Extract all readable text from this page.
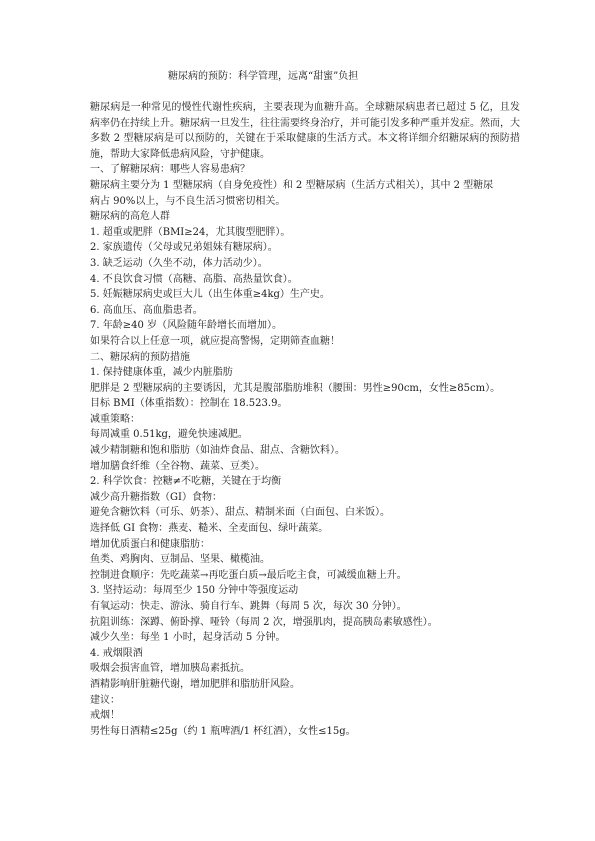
糖尿病的预防：科学管理，远离“甜蜜”负担

糖尿病是一种常见的慢性代谢性疾病，主要表现为血糖升高。全球糖尿病患者已超过 5 亿，且发病率仍在持续上升。糖尿病一旦发生，往往需要终身治疗，并可能引发多种严重并发症。然而，大多数 2 型糖尿病是可以预防的，关键在于采取健康的生活方式。本文将详细介绍糖尿病的预防措施，帮助大家降低患病风险，守护健康。

一、了解糖尿病：哪些人容易患病？

糖尿病主要分为 1 型糖尿病（自身免疫性）和 2 型糖尿病（生活方式相关），其中 2 型糖尿

病占 90%以上，与不良生活习惯密切相关。

糖尿病的高危人群

1. 超重或肥胖（BMI≥24，尤其腹型肥胖）。

2. 家族遗传（父母或兄弟姐妹有糖尿病）。

3. 缺乏运动（久坐不动，体力活动少）。

4. 不良饮食习惯（高糖、高脂、高热量饮食）。

5. 妊娠糖尿病史或巨大儿（出生体重≥4kg）生产史。

6. 高血压、高血脂患者。

7. 年龄≥40 岁（风险随年龄增长而增加）。

如果符合以上任意一项，就应提高警惕，定期筛查血糖！

二、糖尿病的预防措施

1. 保持健康体重，减少内脏脂肪

肥胖是 2 型糖尿病的主要诱因，尤其是腹部脂肪堆积（腰围：男性≥90cm，女性≥85cm）。

目标 BMI（体重指数）：控制在 18.523.9。

减重策略：

每周减重 0.51kg，避免快速减肥。

减少精制糖和饱和脂肪（如油炸食品、甜点、含糖饮料）。

增加膳食纤维（全谷物、蔬菜、豆类）。

2. 科学饮食：控糖≠不吃糖，关键在于均衡

减少高升糖指数（GI）食物：

避免含糖饮料（可乐、奶茶）、甜点、精制米面（白面包、白米饭）。

选择低 GI 食物：燕麦、糙米、全麦面包、绿叶蔬菜。

增加优质蛋白和健康脂肪：

鱼类、鸡胸肉、豆制品、坚果、橄榄油。

控制进食顺序：先吃蔬菜→再吃蛋白质→最后吃主食，可减缓血糖上升。

3. 坚持运动：每周至少 150 分钟中等强度运动

有氧运动：快走、游泳、骑自行车、跳舞（每周 5 次，每次 30 分钟）。

抗阻训练：深蹲、俯卧撑、哑铃（每周 2 次，增强肌肉，提高胰岛素敏感性）。

减少久坐：每坐 1 小时，起身活动 5 分钟。

4. 戒烟限酒

吸烟会损害血管，增加胰岛素抵抗。

酒精影响肝脏糖代谢，增加肥胖和脂肪肝风险。

建议：

戒烟！

男性每日酒精≤25g（约 1 瓶啤酒/1 杯红酒），女性≤15g。
